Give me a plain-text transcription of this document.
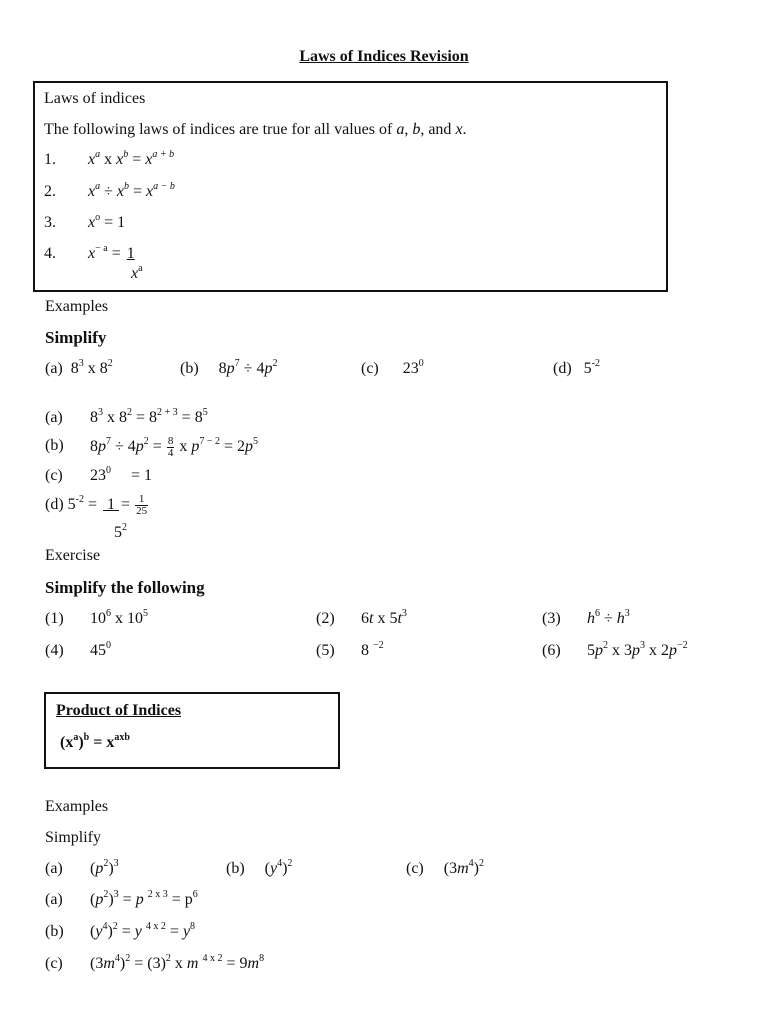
Laws of Indices Revision
Laws of indices
The following laws of indices are true for all values of a, b, and x.
1. $x^a$ x $x^b = x^{a + b}$
2. $x^a \div x^b = x^{a - b}$
3. $x^o = 1$
4. $x^{- a} = 1$
$x^a$
Examples
Simplify
(a)  $8^3$ x $8^2$	(b)     $8p^7 \div 4p^2$	(c)      $23^0$	(d)   $5^{-2}$
(a) $8^3$ x $8^2 = 8^{2 + 3} = 8^5$
(b) $8p^7 \div 4p^2 = \frac{8}{4}$ x $p^{7 - 2} = 2p^5$
(c) $23^0$     = 1
(d) $5^{-2} = 1 = \frac{1}{25}$
$5^2$
Exercise
Simplify the following
(1) $10^6$ x $10^5$	(2) 6t x $5t^3$	(3) $h^6 \div h^3$
(4) $45^0$	(5) 8 $^{-2}$	(6) $5p^2$ x $3p^3$ x $2p^{-2}$
Product of Indices
$(x^a)^b = x^{axb}$
Examples
Simplify
(a) $(p^2)^3$	(b)     $(y^4)^2$	(c)     $(3m^4)^2$
(a) $(p^2)^3 = p$ $^{2 x 3} = p^6$
(b) $(y^4)^2 = y$ $^{4 x 2} = y^8$
(c) $(3m^4)^2 = (3)^2$ x m $^{4 x 2} = 9m^8$
